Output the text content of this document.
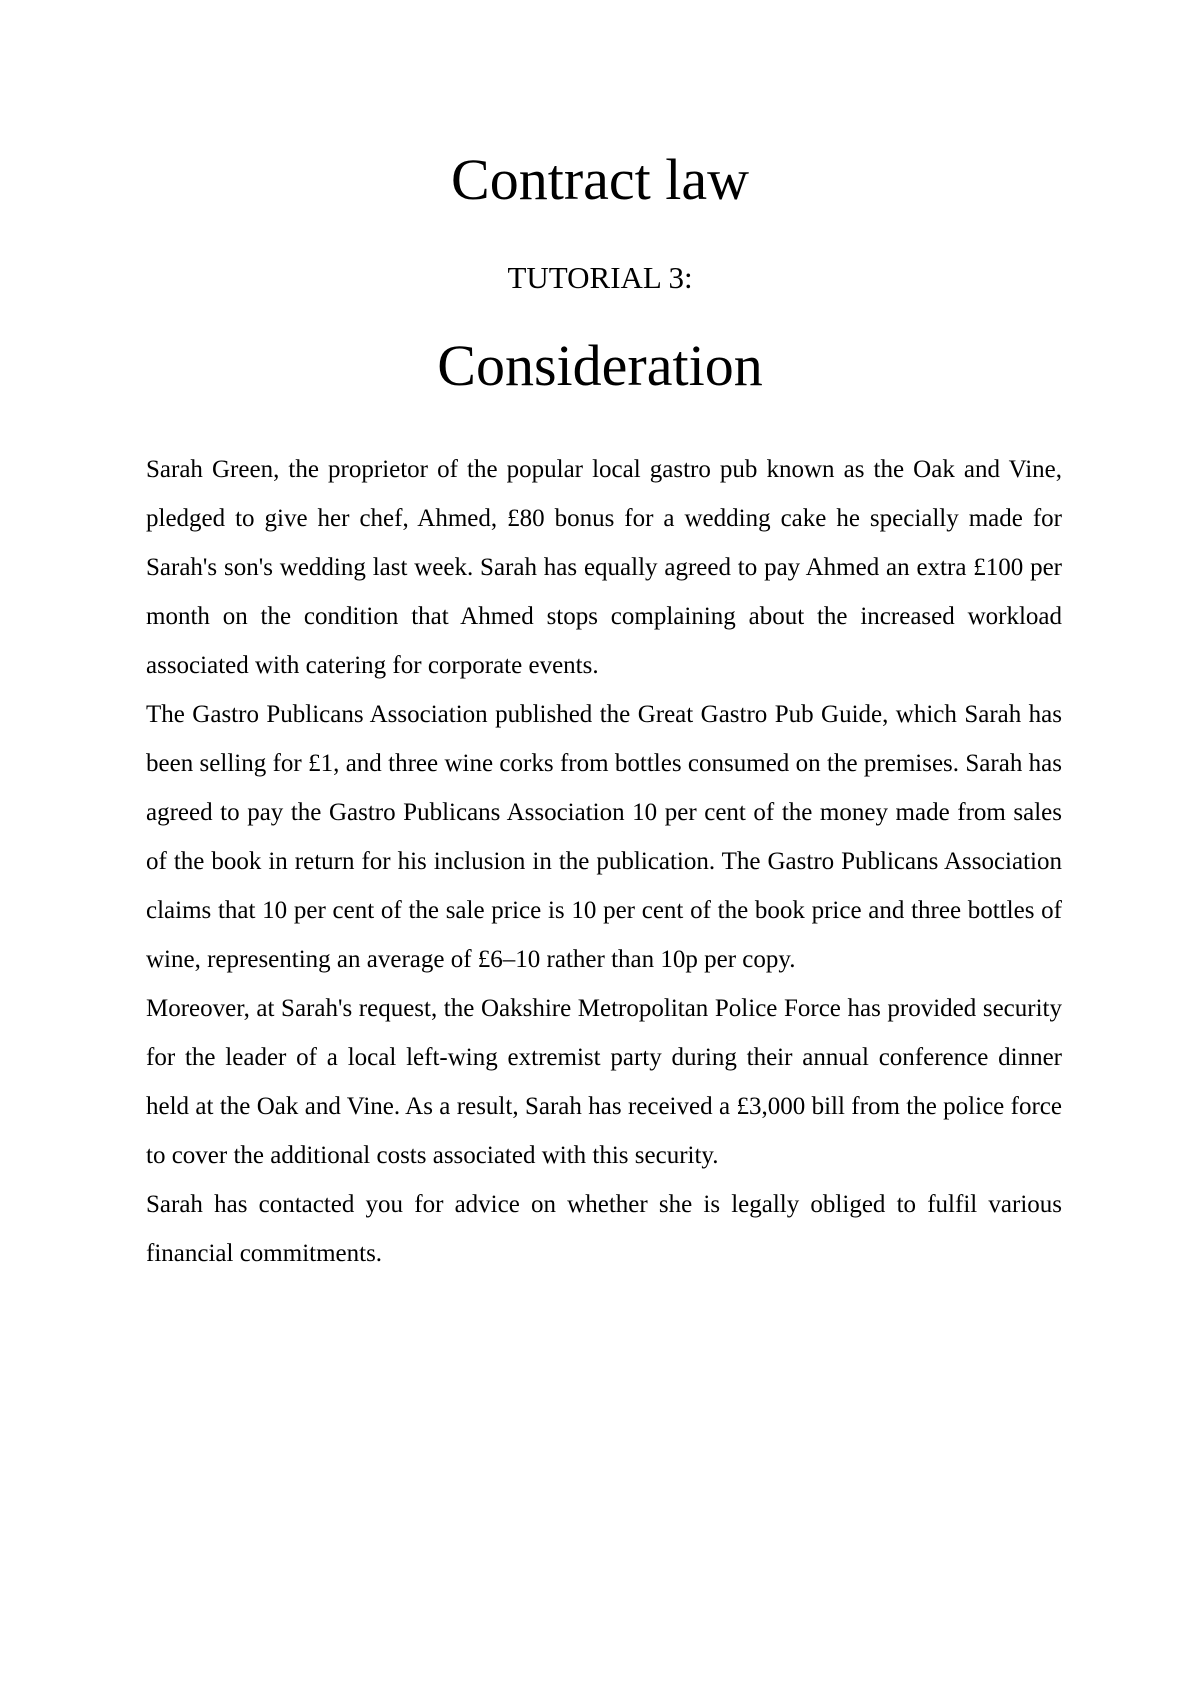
Contract law
TUTORIAL 3:
Consideration

Sarah Green, the proprietor of the popular local gastro pub known as the Oak and Vine, pledged to give her chef, Ahmed, £80 bonus for a wedding cake he specially made for Sarah's son's wedding last week. Sarah has equally agreed to pay Ahmed an extra £100 per month on the condition that Ahmed stops complaining about the increased workload associated with catering for corporate events.

The Gastro Publicans Association published the Great Gastro Pub Guide, which Sarah has been selling for £1, and three wine corks from bottles consumed on the premises. Sarah has agreed to pay the Gastro Publicans Association 10 per cent of the money made from sales of the book in return for his inclusion in the publication. The Gastro Publicans Association claims that 10 per cent of the sale price is 10 per cent of the book price and three bottles of wine, representing an average of £6–10 rather than 10p per copy.

Moreover, at Sarah's request, the Oakshire Metropolitan Police Force has provided security for the leader of a local left-wing extremist party during their annual conference dinner held at the Oak and Vine. As a result, Sarah has received a £3,000 bill from the police force to cover the additional costs associated with this security.

Sarah has contacted you for advice on whether she is legally obliged to fulfil various financial commitments.
